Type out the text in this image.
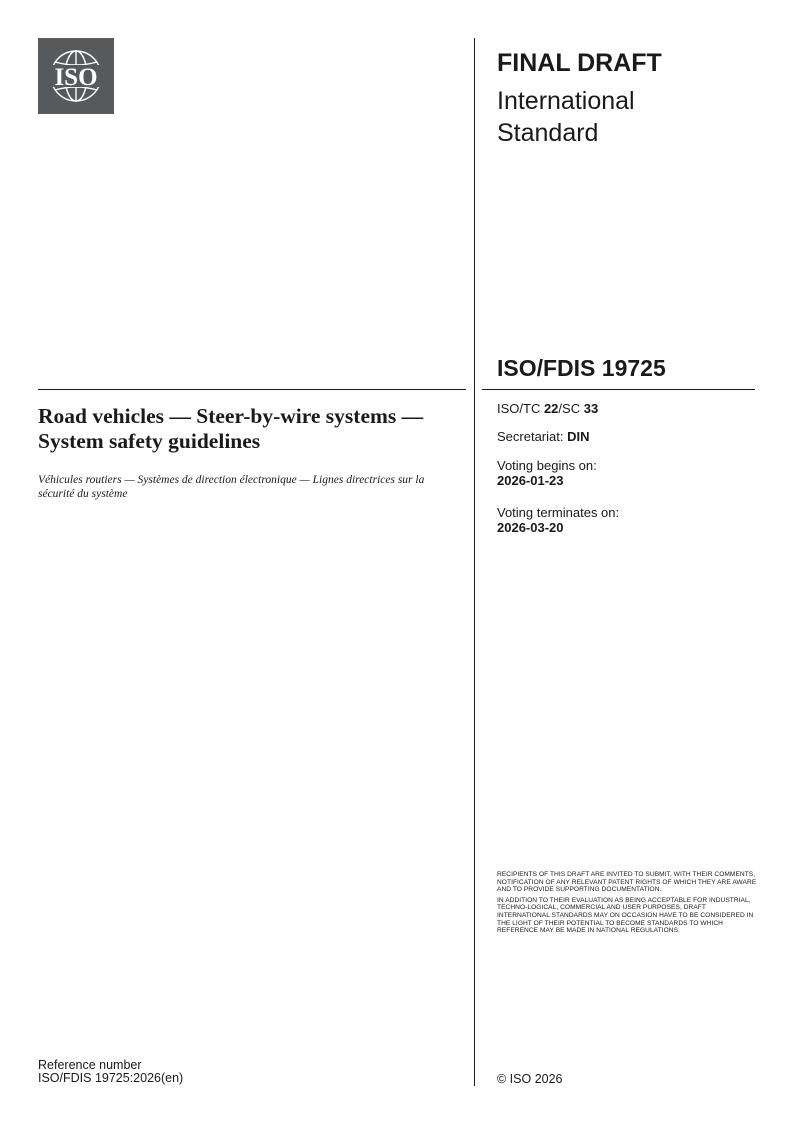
ISO
FINAL DRAFT
International Standard
ISO/FDIS 19725
Road vehicles — Steer-by-wire systems — System safety guidelines
Véhicules routiers — Systèmes de direction électronique — Lignes directrices sur la sécurité du système
ISO/TC 22/SC 33
Secretariat: DIN
Voting begins on:
2026-01-23
Voting terminates on:
2026-03-20

RECIPIENTS OF THIS DRAFT ARE INVITED TO SUBMIT, WITH THEIR COMMENTS, NOTIFICATION OF ANY RELEVANT PATENT RIGHTS OF WHICH THEY ARE AWARE AND TO PROVIDE SUPPORTING DOCUMENTATION.

IN ADDITION TO THEIR EVALUATION AS BEING ACCEPTABLE FOR INDUSTRIAL, TECHNO-LOGICAL, COMMERCIAL AND USER PURPOSES, DRAFT INTERNATIONAL STANDARDS MAY ON OCCASION HAVE TO BE CONSIDERED IN THE LIGHT OF THEIR POTENTIAL TO BECOME STANDARDS TO WHICH REFERENCE MAY BE MADE IN NATIONAL REGULATIONS.

Reference number
ISO/FDIS 19725:2026(en)	© ISO 2026
